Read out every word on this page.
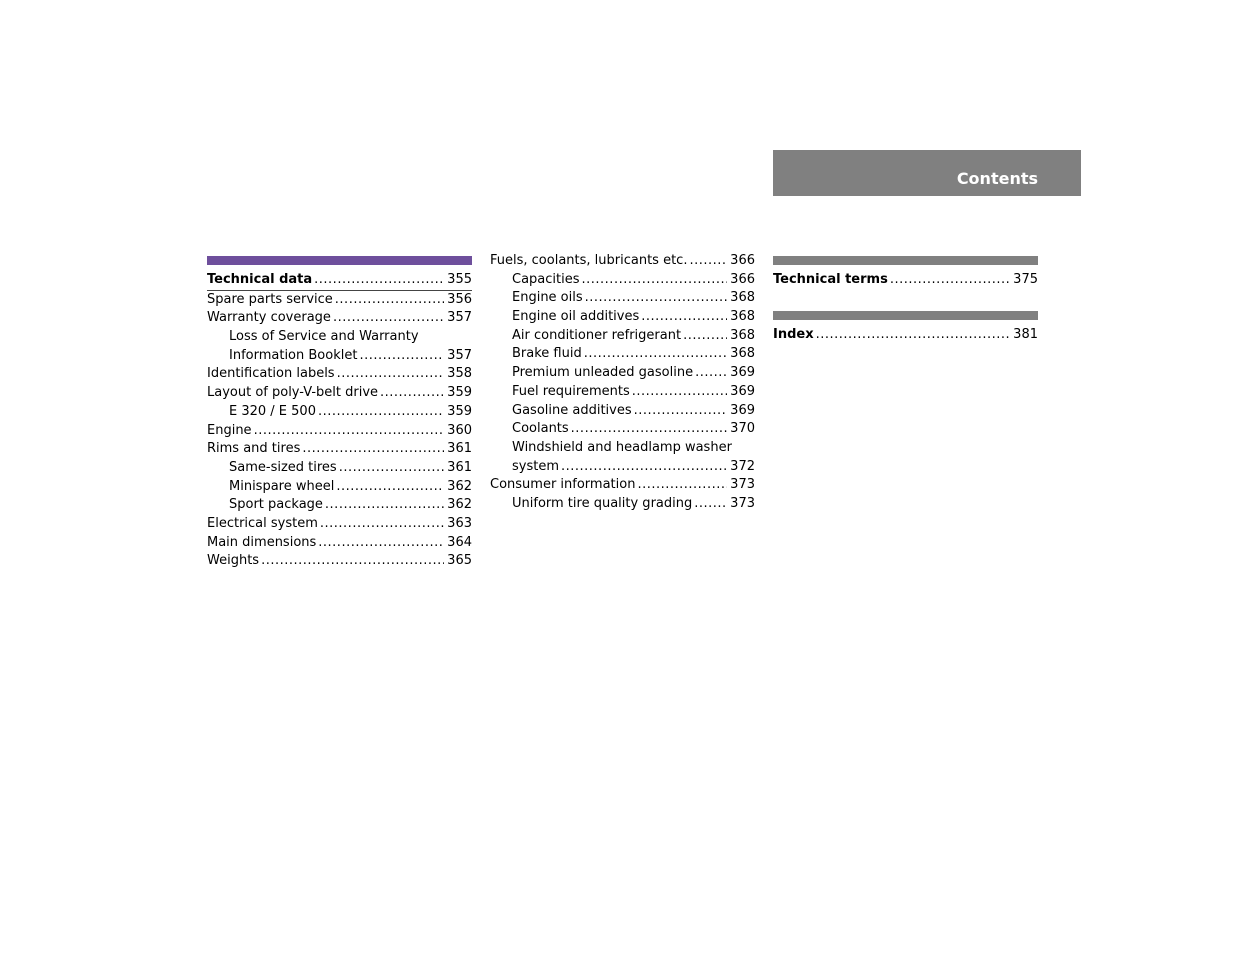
Contents
Technical data .....	355
Spare parts service .....	356
Warranty coverage .....	357
Loss of Service and Warranty
Information Booklet .....	357
Identification labels .....	358
Layout of poly-V-belt drive .....	359
E 320 / E 500 .....	359
Engine .....	360
Rims and tires .....	361
Same-sized tires .....	361
Minispare wheel .....	362
Sport package .....	362
Electrical system .....	363
Main dimensions .....	364
Weights .....	365
Fuels, coolants, lubricants etc. .....	366
Capacities .....	366
Engine oils .....	368
Engine oil additives .....	368
Air conditioner refrigerant .....	368
Brake fluid .....	368
Premium unleaded gasoline .....	369
Fuel requirements .....	369
Gasoline additives .....	369
Coolants .....	370
Windshield and headlamp washer
system .....	372
Consumer information .....	373
Uniform tire quality grading .....	373
Technical terms .....	375
Index .....	381
